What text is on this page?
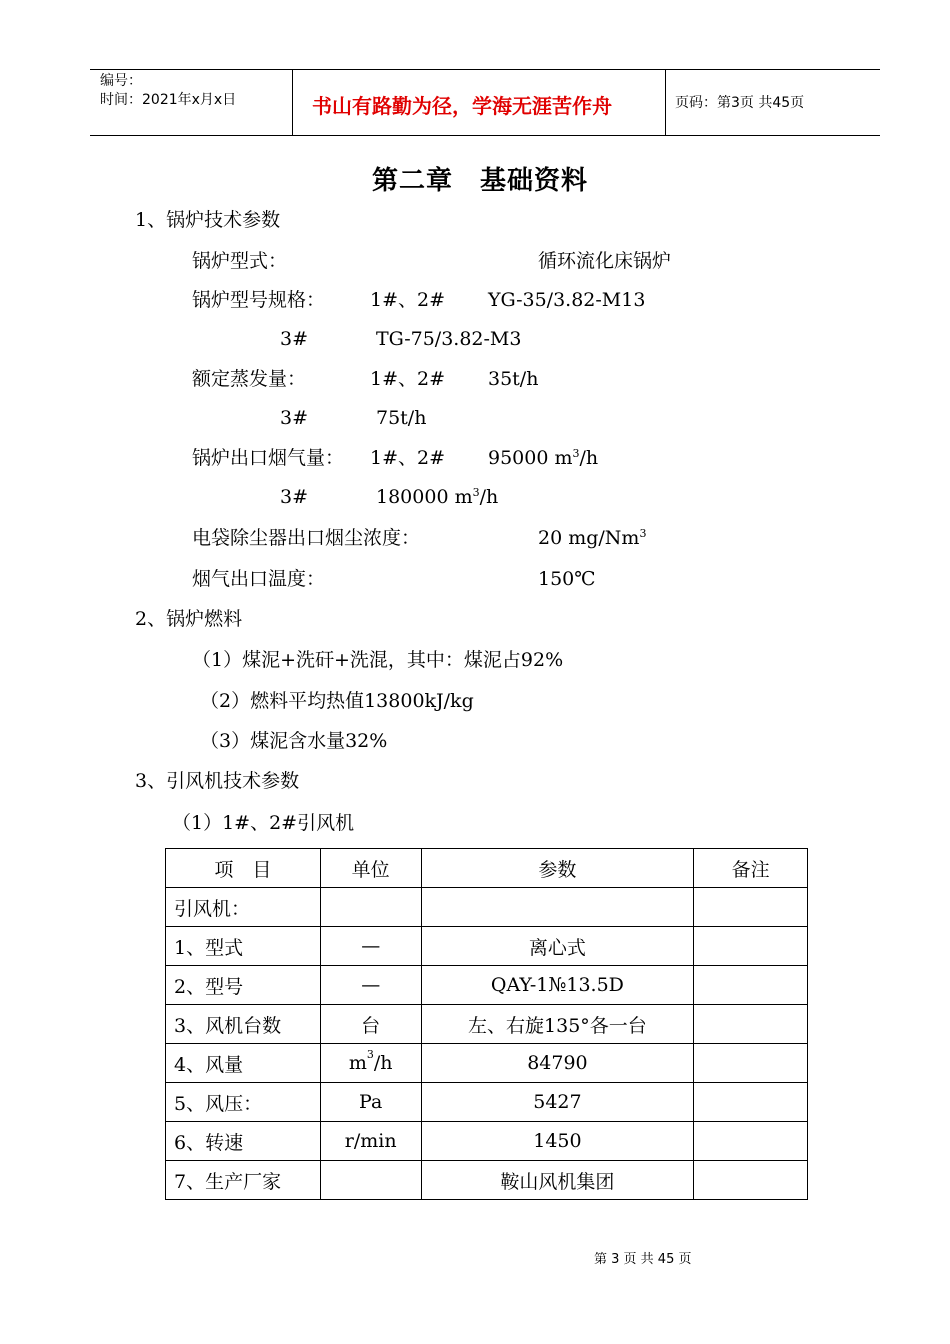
编号：
时间：2021年x月x日	书山有路勤为径，学海无涯苦作舟	页码：第3页 共45页
第二章　基础资料
1、锅炉技术参数
锅炉型式：	循环流化床锅炉
锅炉型号规格： 1#、2# YG-35/3.82-M13
3#	TG-75/3.82-M3
额定蒸发量：	1#、2# 35t/h
3#	75t/h
锅炉出口烟气量： 1#、2# 95000 $m^3/h$
3#	180000 $m^3/h$
电袋除尘器出口烟尘浓度：	20 mg/Nm$^3$
烟气出口温度：	150℃
2、锅炉燃料
（1）煤泥+洗矸+洗混，其中：煤泥占92%
（2）燃料平均热值13800kJ/kg
（3）煤泥含水量32%
3、引风机技术参数
（1）1#、2#引风机
项　目	单位	参数	备注
引风机：			
1、型式	—	离心式	
2、型号	—	QAY-1№13.5D	
3、风机台数	台	左、右旋135°各一台	
4、风量	$m^3/h$	84790	
5、风压：	Pa	5427	
6、转速	r/min	1450	
7、生产厂家		鞍山风机集团	
第 3 页 共 45 页
